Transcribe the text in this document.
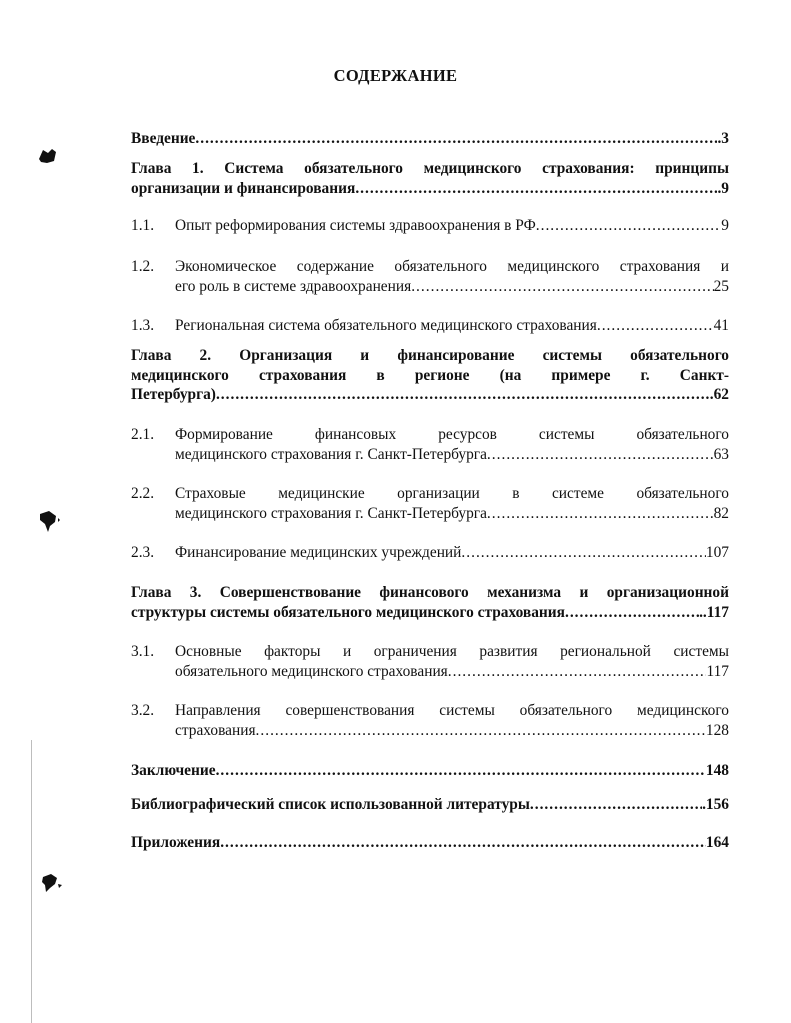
СОДЕРЖАНИЕ
Введение .....	.3
Глава 1. Система обязательного медицинского страхования: принципы
организации и финансирования .....	.9
1.1. Опыт реформирования системы здравоохранения в РФ .....	9
1.2. Экономическое содержание обязательного медицинского страхования и
его роль в системе здравоохранения .....	25
1.3. Региональная система обязательного медицинского страхования .....	41
Глава 2. Организация и финансирование системы обязательного
медицинского страхования в регионе (на примере г. Санкт-
Петербурга) .....	.62
2.1. Формирование финансовых ресурсов системы обязательного
медицинского страхования г. Санкт-Петербурга .....	63
2.2. Страховые медицинские организации в системе обязательного
медицинского страхования г. Санкт-Петербурга .....	82
2.3. Финансирование медицинских учреждений .....	107
Глава 3. Совершенствование финансового механизма и организационной
структуры системы обязательного медицинского страхования .....	..117
3.1. Основные факторы и ограничения развития региональной системы
обязательного медицинского страхования .....	117
3.2. Направления совершенствования системы обязательного медицинского
страхования .....	128
Заключение .....	148
Библиографический список использованной литературы .....	.156
Приложения .....	164
